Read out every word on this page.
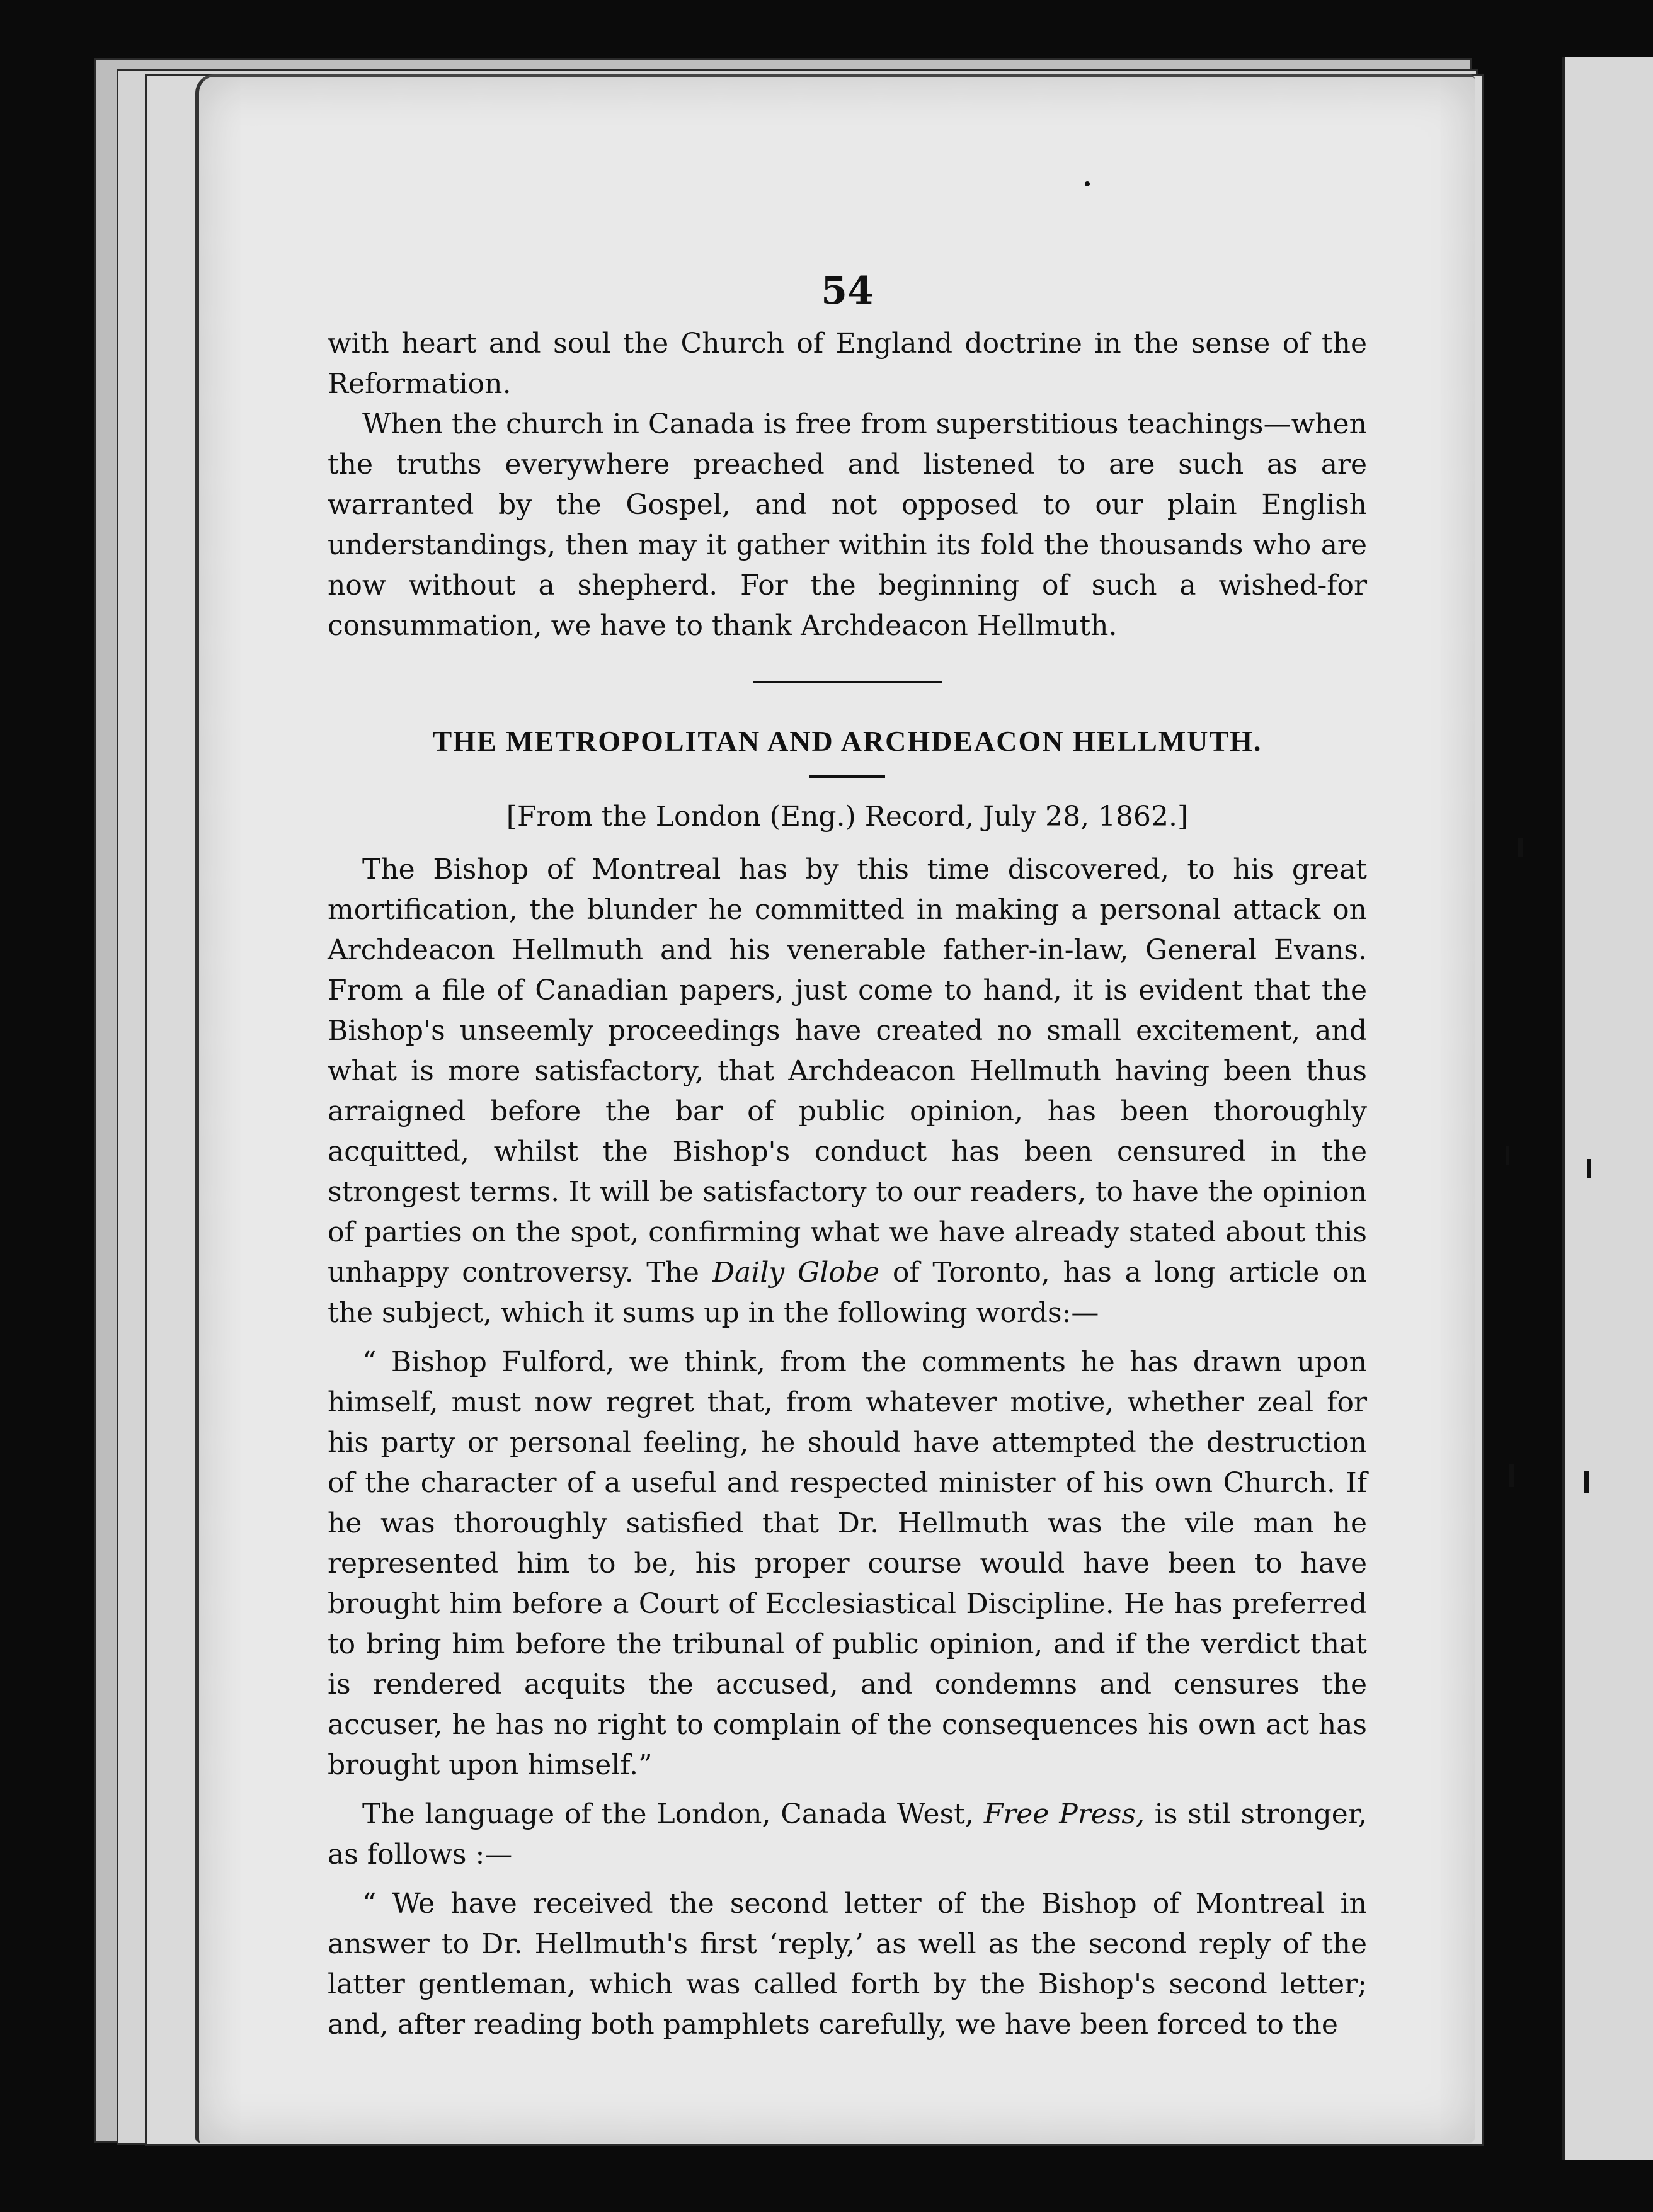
54

with heart and soul the Church of England doctrine in the sense of the Reformation.

When the church in Canada is free from superstitious teachings—when the truths everywhere preached and listened to are such as are warranted by the Gospel, and not opposed to our plain English understandings, then may it gather within its fold the thousands who are now without a shepherd. For the beginning of such a wished-for consummation, we have to thank Archdeacon Hellmuth.

THE METROPOLITAN AND ARCHDEACON HELLMUTH.
[From the London (Eng.) Record, July 28, 1862.]

The Bishop of Montreal has by this time discovered, to his great mortification, the blunder he committed in making a personal attack on Archdeacon Hellmuth and his venerable father-in-law, General Evans. From a file of Canadian papers, just come to hand, it is evident that the Bishop's unseemly proceedings have created no small excitement, and what is more satisfactory, that Archdeacon Hellmuth having been thus arraigned before the bar of public opinion, has been thoroughly acquitted, whilst the Bishop's conduct has been censured in the strongest terms. It will be satisfactory to our readers, to have the opinion of parties on the spot, confirming what we have already stated about this unhappy controversy. The Daily Globe of Toronto, has a long article on the subject, which it sums up in the following words:—

“ Bishop Fulford, we think, from the comments he has drawn upon himself, must now regret that, from whatever motive, whether zeal for his party or personal feeling, he should have attempted the destruction of the character of a useful and respected minister of his own Church. If he was thoroughly satisfied that Dr. Hellmuth was the vile man he represented him to be, his proper course would have been to have brought him before a Court of Ecclesiastical Discipline. He has preferred to bring him before the tribunal of public opinion, and if the verdict that is rendered acquits the accused, and condemns and censures the accuser, he has no right to complain of the consequences his own act has brought upon himself.”

The language of the London, Canada West, Free Press, is stil stronger, as follows :—

“ We have received the second letter of the Bishop of Montreal in answer to Dr. Hellmuth's first ‘reply,’ as well as the second reply of the latter gentleman, which was called forth by the Bishop's second letter; and, after reading both pamphlets carefully, we have been forced to the
